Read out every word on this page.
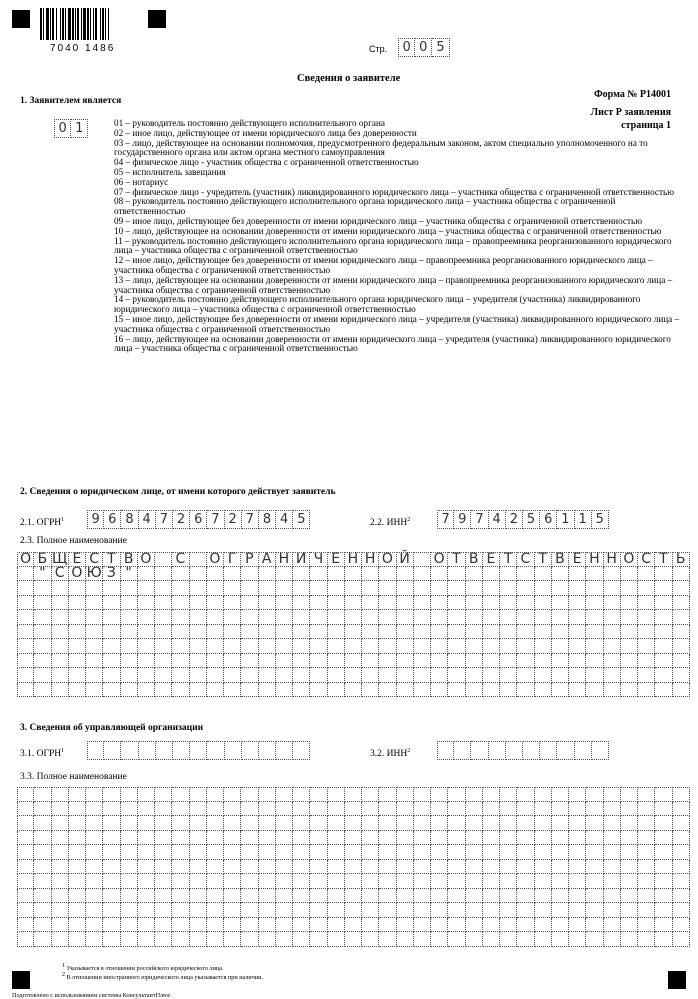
7040 1486	Стр.	0 0 5
Сведения о заявителе
Форма № Р14001
Лист Р заявления
страница 1
1. Заявителем является
0 1	01 – руководитель постоянно действующего исполнительного органа
02 – иное лицо, действующее от имени юридического лица без доверенности
03 – лицо, действующее на основании полномочия, предусмотренного федеральным законом, актом специально уполномоченного на то государственного органа или актом органа местного самоуправления
04 – физическое лицо - участник общества с ограниченной ответственностью
05 – исполнитель завещания
06 – нотариус
07 – физическое лицо - учредитель (участник) ликвидированного юридического лица – участника общества с ограниченной ответственностью
08 – руководитель постоянно действующего исполнительного органа юридического лица – участника общества с ограниченной ответственностью
09 – иное лицо, действующее без доверенности от имени юридического лица – участника общества с ограниченной ответственностью
10 – лицо, действующее на основании доверенности от имени юридического лица – участника общества с ограниченной ответственностью
11 – руководитель постоянно действующего исполнительного органа юридического лица – правопреемника реорганизованного юридического лица – участника общества с ограниченной ответственностью
12 – иное лицо, действующее без доверенности от имени юридического лица – правопреемника реорганизованного юридического лица – участника общества с ограниченной ответственностью
13 – лицо, действующее на основании доверенности от имени юридического лица – правопреемника реорганизованного юридического лица – участника общества с ограниченной ответственностью
14 – руководитель постоянно действующего исполнительного органа юридического лица – учредителя (участника) ликвидированного юридического лица – участника общества с ограниченной ответственностью
15 – иное лицо, действующее без доверенности от имени юридического лица – учредителя (участника) ликвидированного юридического лица – участника общества с ограниченной ответственностью
16 – лицо, действующее на основании доверенности от имени юридического лица – учредителя (участника) ликвидированного юридического лица – участника общества с ограниченной ответственностью
2. Сведения о юридическом лице, от имени которого действует заявитель
2.1. ОГРН$^1$	9 6 8 4 7 2 6 7 2 7 8 4 5	2.2. ИНН$^2$	7 9 7 4 2 5 6 1 1 5
2.3. Полное наименование
О Б Щ Е С Т В О С	О Г Р А Н И Ч Е Н Н О Й О Т В Е Т С Т В Е Н Н О С Т Ь
" С О Ю З "
3. Сведения об управляющей организации
3.1. ОГРН$^1$	3.2. ИНН$^2$
3.3. Полное наименование
$^1$ Указывается в отношении российского юридического лица.
$^2$ В отношении иностранного юридического лица указывается при наличии.
Подготовлено с использованием системы КонсультантПлюс
